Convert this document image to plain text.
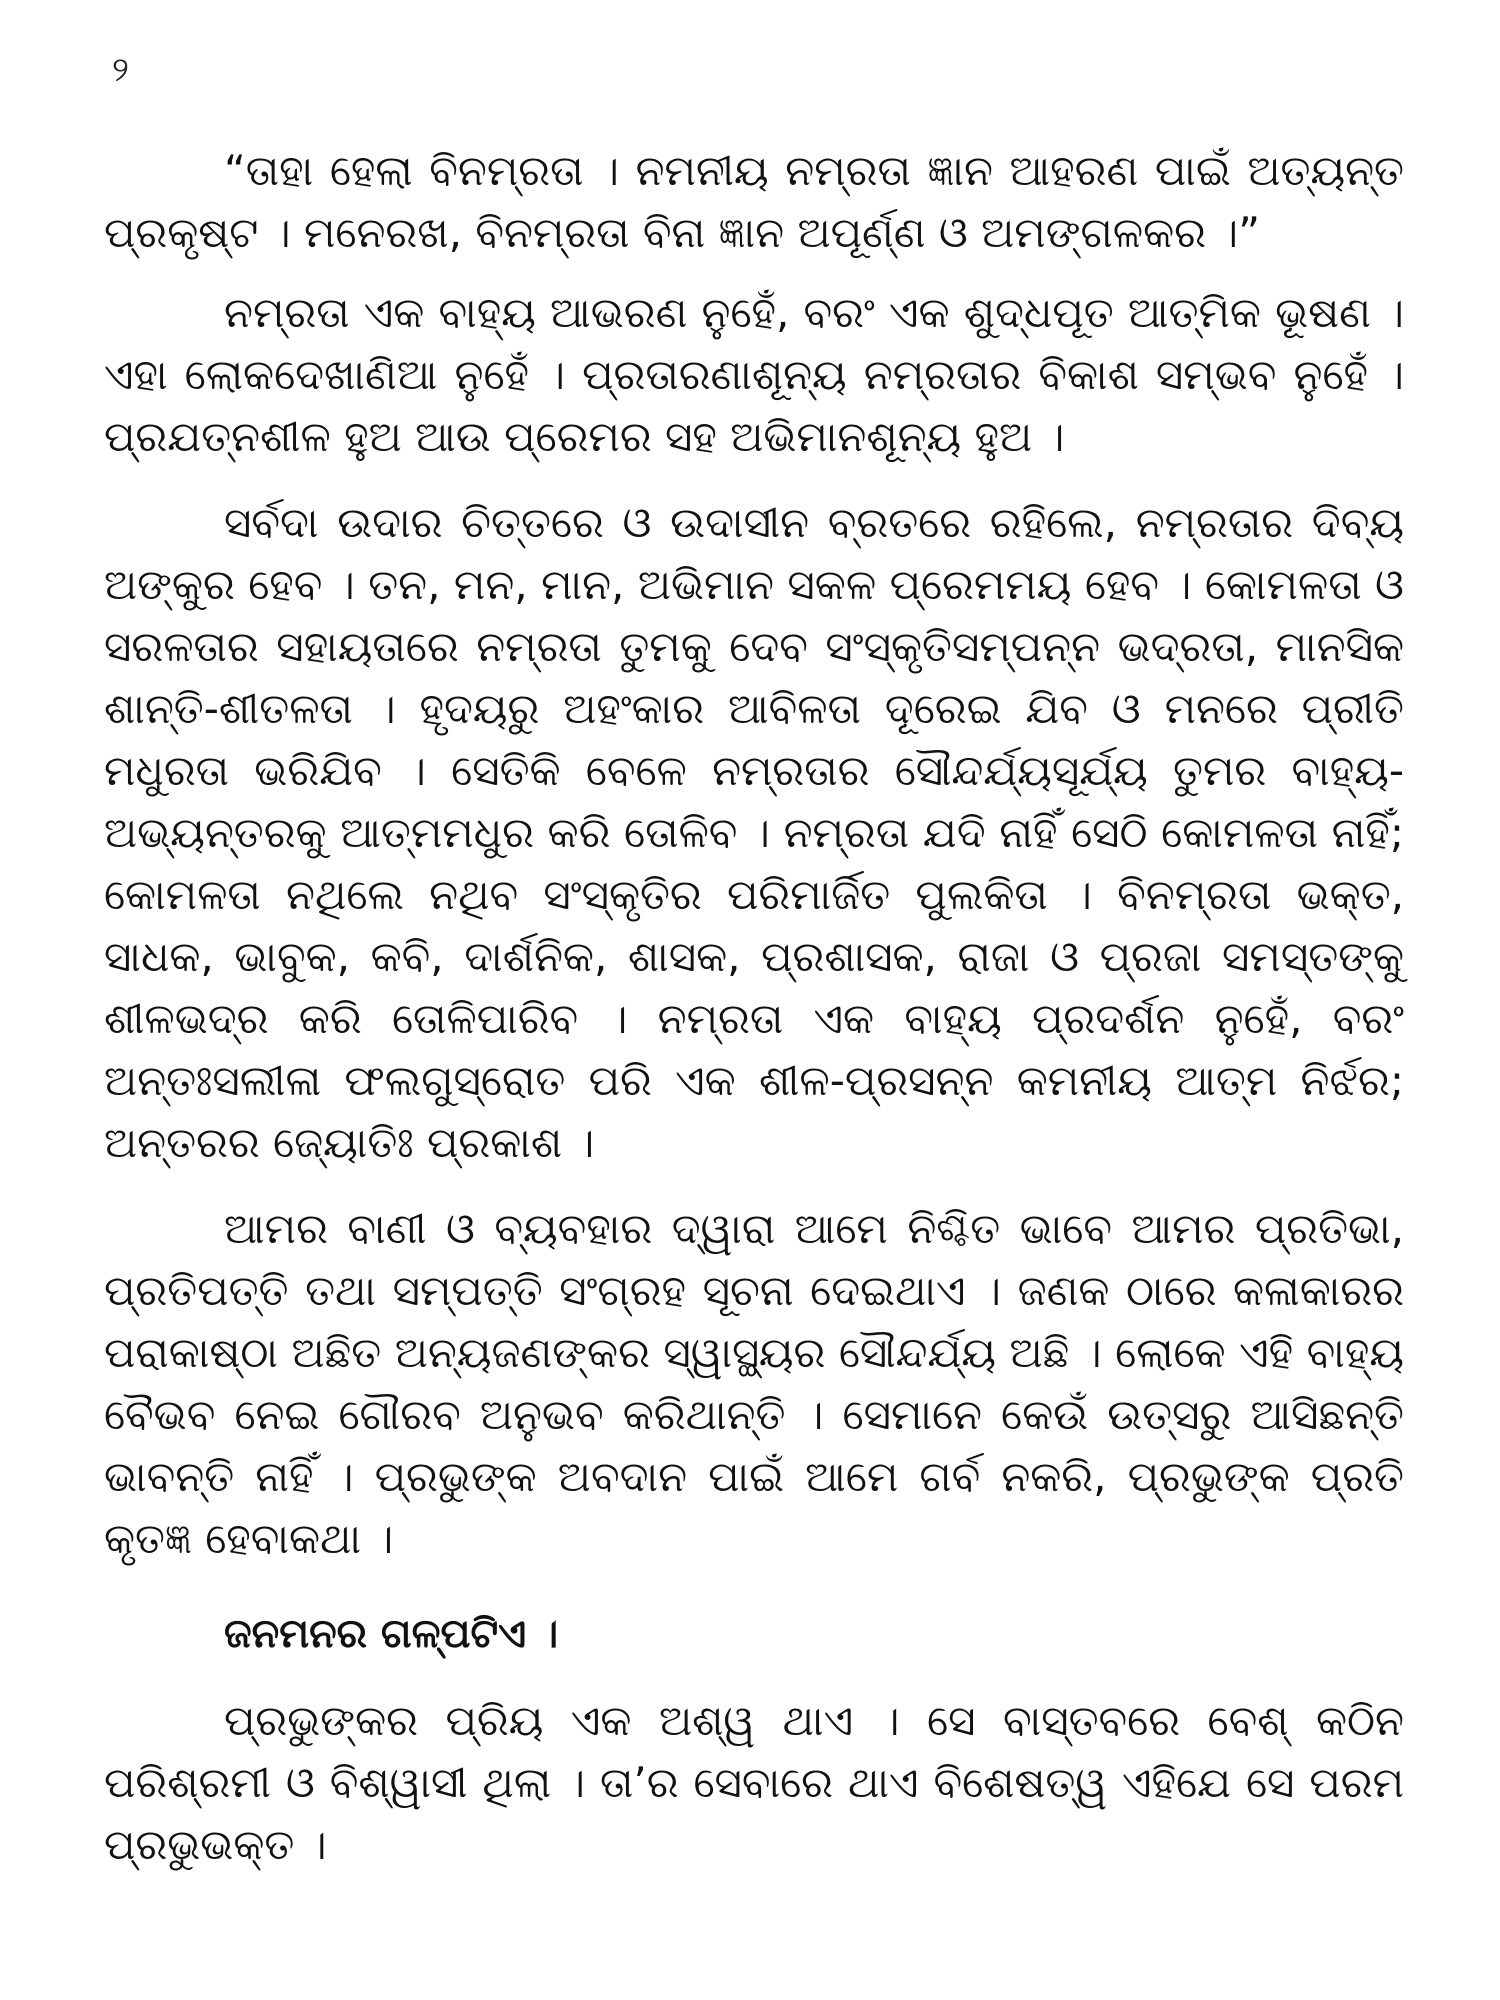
୨

“ତାହା ହେଲା ବିନମ୍ରତା । ନମନୀୟ ନମ୍ରତା ଜ୍ଞାନ ଆହରଣ ପାଇଁ ଅତ୍ୟନ୍ତ ପ୍ରକୃଷ୍ଟ । ମନେରଖ, ବିନମ୍ରତା ବିନା ଜ୍ଞାନ ଅପୂର୍ଣ୍ଣ ଓ ଅମଙ୍ଗଳକର ।”

ନମ୍ରତା ଏକ ବାହ୍ୟ ଆଭରଣ ନୁହେଁ, ବରଂ ଏକ ଶୁଦ୍ଧପୂତ ଆତ୍ମିକ ଭୂଷଣ । ଏହା ଲୋକଦେଖାଣିଆ ନୁହେଁ । ପ୍ରତାରଣାଶୂନ୍ୟ ନମ୍ରତାର ବିକାଶ ସମ୍ଭବ ନୁହେଁ । ପ୍ରଯତ୍ନଶୀଳ ହୁଅ ଆଉ ପ୍ରେମର ସହ ଅଭିମାନଶୂନ୍ୟ ହୁଅ ।

ସର୍ବଦା ଉଦାର ଚିତ୍ତରେ ଓ ଉଦାସୀନ ବ୍ରତରେ ରହିଲେ, ନମ୍ରତାର ଦିବ୍ୟ ଅଙ୍କୁର ହେବ । ତନ, ମନ, ମାନ, ଅଭିମାନ ସକଳ ପ୍ରେମମୟ ହେବ । କୋମଳତା ଓ ସରଳତାର ସହାୟତାରେ ନମ୍ରତା ତୁମକୁ ଦେବ ସଂସ୍କୃତିସମ୍ପନ୍ନ ଭଦ୍ରତା, ମାନସିକ ଶାନ୍ତି-ଶୀତଳତା । ହୃଦୟରୁ ଅହଂକାର ଆବିଳତା ଦୂରେଇ ଯିବ ଓ ମନରେ ପ୍ରୀତି ମଧୁରତା ଭରିଯିବ । ସେତିକି ବେଳେ ନମ୍ରତାର ସୌନ୍ଦର୍ଯ୍ୟସୂର୍ଯ୍ୟ ତୁମର ବାହ୍ୟ-ଅଭ୍ୟନ୍ତରକୁ ଆତ୍ମମଧୁର କରି ତୋଳିବ । ନମ୍ରତା ଯଦି ନାହିଁ ସେଠି କୋମଳତା ନାହିଁ; କୋମଳତା ନଥିଲେ ନଥିବ ସଂସ୍କୃତିର ପରିମାର୍ଜିତ ପୁଲକିତା । ବିନମ୍ରତା ଭକ୍ତ, ସାଧକ, ଭାବୁକ, କବି, ଦାର୍ଶନିକ, ଶାସକ, ପ୍ରଶାସକ, ରାଜା ଓ ପ୍ରଜା ସମସ୍ତଙ୍କୁ ଶୀଳଭଦ୍ର କରି ତୋଳିପାରିବ । ନମ୍ରତା ଏକ ବାହ୍ୟ ପ୍ରଦର୍ଶନ ନୁହେଁ, ବରଂ ଅନ୍ତଃସଲୀଳା ଫଲଗୁସ୍ରୋତ ପରି ଏକ ଶୀଳ-ପ୍ରସନ୍ନ କମନୀୟ ଆତ୍ମ ନିର୍ଝର; ଅନ୍ତରର ଜ୍ୟୋତିଃ ପ୍ରକାଶ ।

ଆମର ବାଣୀ ଓ ବ୍ୟବହାର ଦ୍ୱାରା ଆମେ ନିଶ୍ଚିତ ଭାବେ ଆମର ପ୍ରତିଭା, ପ୍ରତିପତ୍ତି ତଥା ସମ୍ପତ୍ତି ସଂଗ୍ରହ ସୂଚନା ଦେଇଥାଏ । ଜଣକ ଠାରେ କଳାକାରର ପରାକାଷ୍ଠା ଅଛିତ ଅନ୍ୟଜଣଙ୍କର ସ୍ୱାସ୍ଥ୍ୟର ସୌନ୍ଦର୍ଯ୍ୟ ଅଛି । ଲୋକେ ଏହି ବାହ୍ୟ ବୈଭବ ନେଇ ଗୌରବ ଅନୁଭବ କରିଥାନ୍ତି । ସେମାନେ କେଉଁ ଉତ୍ସରୁ ଆସିଛନ୍ତି ଭାବନ୍ତି ନାହିଁ । ପ୍ରଭୁଙ୍କ ଅବଦାନ ପାଇଁ ଆମେ ଗର୍ବ ନକରି, ପ୍ରଭୁଙ୍କ ପ୍ରତି କୃତଜ୍ଞ ହେବାକଥା ।

ଜନମନର ଗଳ୍ପଟିଏ ।

ପ୍ରଭୁଙ୍କର ପ୍ରିୟ ଏକ ଅଶ୍ୱ ଥାଏ । ସେ ବାସ୍ତବରେ ବେଶ୍ କଠିନ ପରିଶ୍ରମୀ ଓ ବିଶ୍ୱାସୀ ଥିଲା । ତା’ର ସେବାରେ ଥାଏ ବିଶେଷତ୍ୱ ଏହିଯେ ସେ ପରମ ପ୍ରଭୁଭକ୍ତ ।
